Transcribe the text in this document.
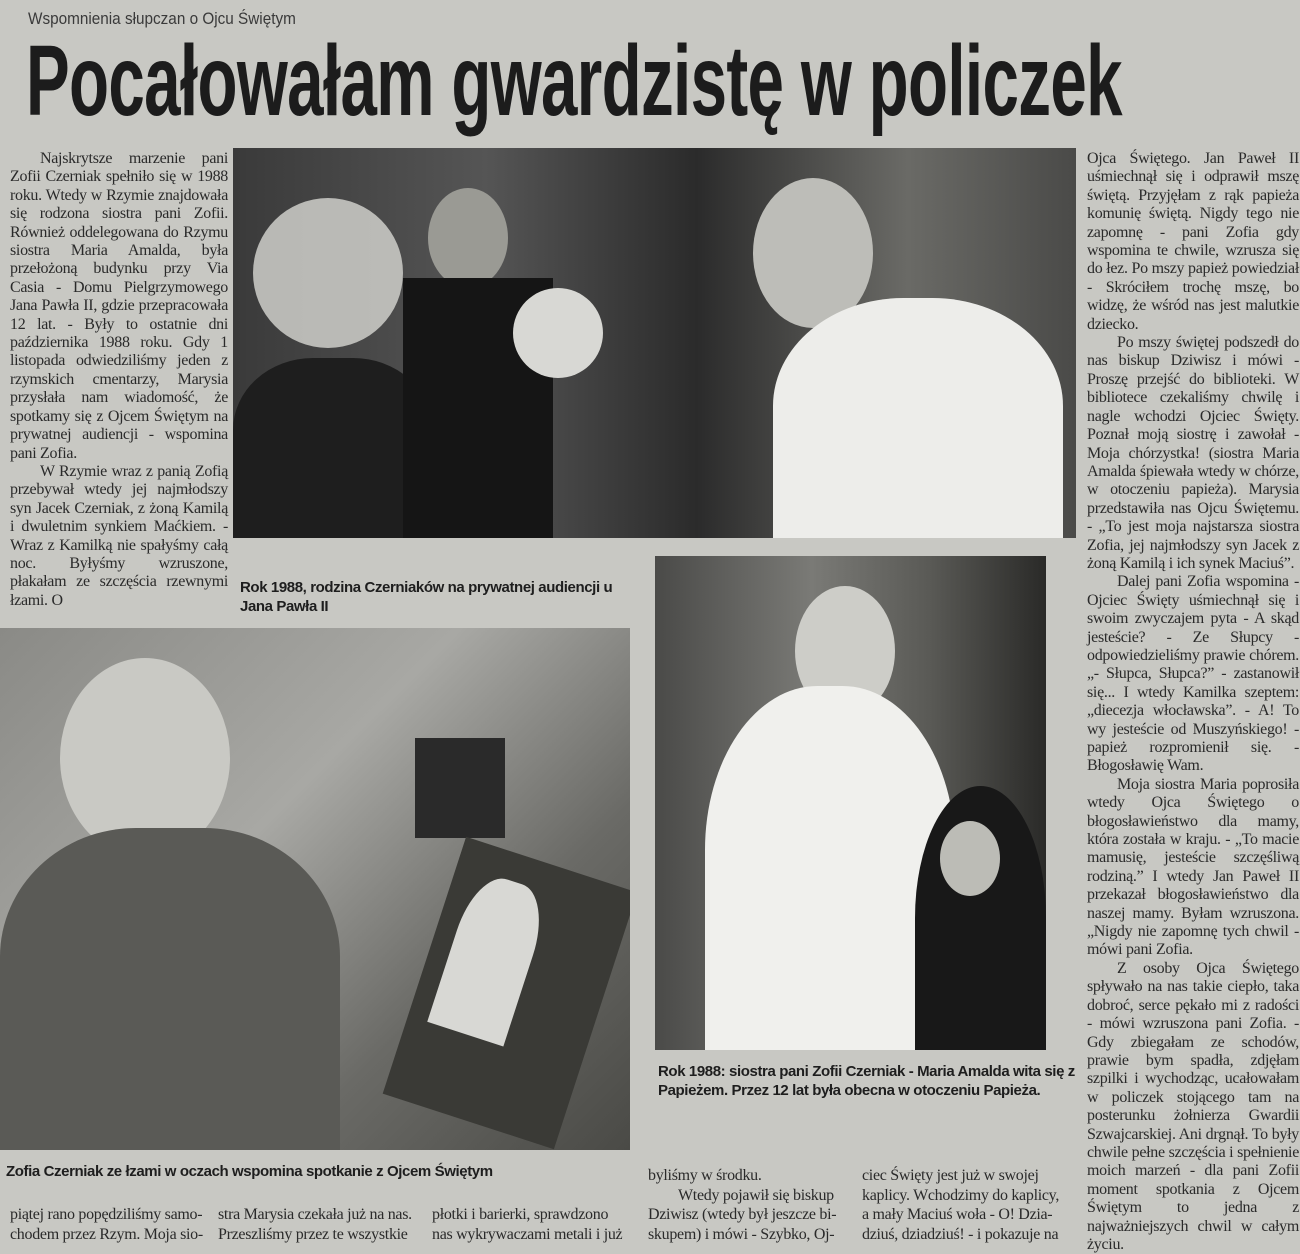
Wspomnienia słupczan o Ojcu Świętym
Pocałowałam gwardzistę w policzek

Najskrytsze marzenie pani Zofii Czerniak spełniło się w 1988 roku. Wtedy w Rzymie znajdowała się rodzona siostra pani Zofii. Również oddelegowana do Rzymu siostra Maria Amalda, była przełożoną budynku przy Via Casia - Domu Pielgrzymowego Jana Pawła II, gdzie przepracowała 12 lat. - Były to ostatnie dni października 1988 roku. Gdy 1 listopada odwiedziliśmy jeden z rzymskich cmentarzy, Marysia przysłała nam wiadomość, że spotkamy się z Ojcem Świętym na prywatnej audiencji - wspomina pani Zofia.

W Rzymie wraz z panią Zofią przebywał wtedy jej najmłodszy syn Jacek Czerniak, z żoną Kamilą i dwuletnim synkiem Maćkiem. - Wraz z Kamilką nie spałyśmy całą noc. Byłyśmy wzruszone, płakałam ze szczęścia rzewnymi łzami. O

Rok 1988, rodzina Czerniaków na prywatnej audiencji u Jana Pawła II
Zofia Czerniak ze łzami w oczach wspomina spotkanie z Ojcem Świętym
Rok 1988: siostra pani Zofii Czerniak - Maria Amalda wita się z Papieżem. Przez 12 lat była obecna w otoczeniu Papieża.

Ojca Świętego. Jan Paweł II uśmiechnął się i odprawił mszę świętą. Przyjęłam z rąk papieża komunię świętą. Nigdy tego nie zapomnę - pani Zofia gdy wspomina te chwile, wzrusza się do łez. Po mszy papież powiedział - Skróciłem trochę mszę, bo widzę, że wśród nas jest malutkie dziecko.

Po mszy świętej podszedł do nas biskup Dziwisz i mówi - Proszę przejść do biblioteki. W bibliotece czekaliśmy chwilę i nagle wchodzi Ojciec Święty. Poznał moją siostrę i zawołał - Moja chórzystka! (siostra Maria Amalda śpiewała wtedy w chórze, w otoczeniu papieża). Marysia przedstawiła nas Ojcu Świętemu. - „To jest moja najstarsza siostra Zofia, jej najmłodszy syn Jacek z żoną Kamilą i ich synek Maciuś”.

Dalej pani Zofia wspomina - Ojciec Święty uśmiechnął się i swoim zwyczajem pyta - A skąd jesteście? - Ze Słupcy - odpowiedzieliśmy prawie chórem. „- Słupca, Słupca?” - zastanowił się... I wtedy Kamilka szeptem: „diecezja włocławska”. - A! To wy jesteście od Muszyńskiego! - papież rozpromienił się. - Błogosławię Wam.

Moja siostra Maria poprosiła wtedy Ojca Świętego o błogosławieństwo dla mamy, która została w kraju. - „To macie mamusię, jesteście szczęśliwą rodziną.” I wtedy Jan Paweł II przekazał błogosławieństwo dla naszej mamy. Byłam wzruszona. „Nigdy nie zapomnę tych chwil - mówi pani Zofia.

Z osoby Ojca Świętego spływało na nas takie ciepło, taka dobroć, serce pękało mi z radości - mówi wzruszona pani Zofia. - Gdy zbiegałam ze schodów, prawie bym spadła, zdjęłam szpilki i wychodząc, ucałowałam w policzek stojącego tam na posterunku żołnierza Gwardii Szwajcarskiej. Ani drgnął. To były chwile pełne szczęścia i spełnienie moich marzeń - dla pani Zofii moment spotkania z Ojcem Świętym to jedna z najważniejszych chwil w całym życiu.

piątej rano popędziliśmy samo-
chodem przez Rzym. Moja sio-
stra Marysia czekała już na nas.
Przeszliśmy przez te wszystkie
płotki i barierki, sprawdzono
nas wykrywaczami metali i już
byliśmy w środku.
Wtedy pojawił się biskup
Dziwisz (wtedy był jeszcze bi-
skupem) i mówi - Szybko, Oj-
ciec Święty jest już w swojej
kaplicy. Wchodzimy do kaplicy,
a mały Maciuś woła - O! Dzia-
dziuś, dziadziuś! - i pokazuje na
